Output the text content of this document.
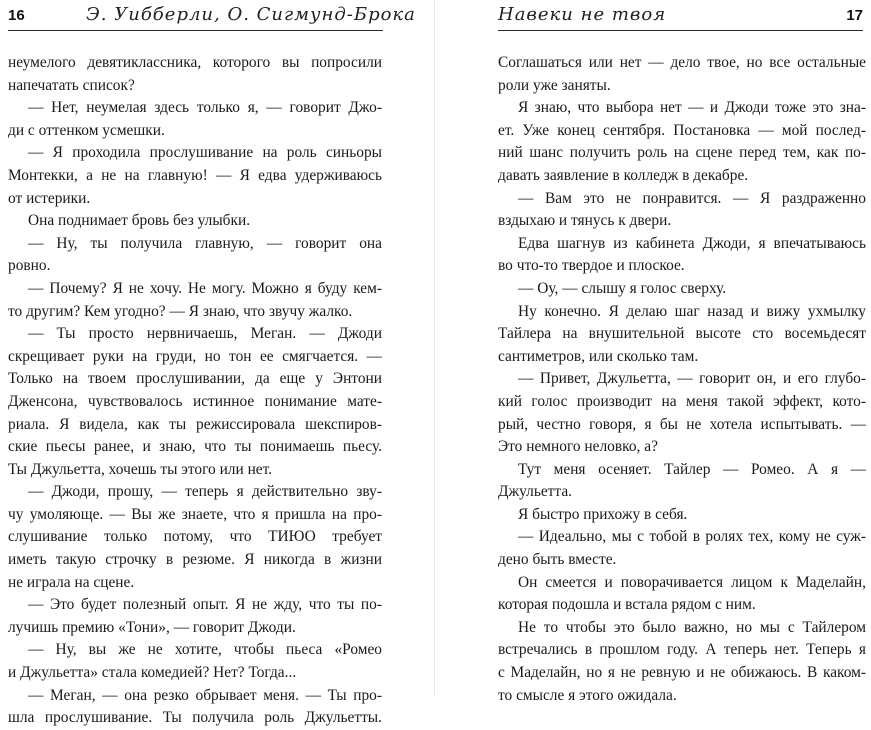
16	Э. Уибберли, О. Сигмунд-Брока
неумелого девятиклассника, которого вы попросили
напечатать список?
— Нет, неумелая здесь только я, — говорит Джо-
ди с оттенком усмешки.
— Я проходила прослушивание на роль синьоры
Монтекки, а не на главную! — Я едва удерживаюсь
от истерики.
Она поднимает бровь без улыбки.
— Ну, ты получила главную, — говорит она
ровно.
— Почему? Я не хочу. Не могу. Можно я буду кем-
то другим? Кем угодно? — Я знаю, что звучу жалко.
— Ты просто нервничаешь, Меган. — Джоди
скрещивает руки на груди, но тон ее смягчается. —
Только на твоем прослушивании, да еще у Энтони
Дженсона, чувствовалось истинное понимание мате-
риала. Я видела, как ты режиссировала шекспиров-
ские пьесы ранее, и знаю, что ты понимаешь пьесу.
Ты Джульетта, хочешь ты этого или нет.
— Джоди, прошу, — теперь я действительно зву-
чу умоляюще. — Вы же знаете, что я пришла на про-
слушивание только потому, что ТИЮО требует
иметь такую строчку в резюме. Я никогда в жизни
не играла на сцене.
— Это будет полезный опыт. Я не жду, что ты по-
лучишь премию «Тони», — говорит Джоди.
— Ну, вы же не хотите, чтобы пьеса «Ромео
и Джульетта» стала комедией? Нет? Тогда...
— Меган, — она резко обрывает меня. — Ты про-
шла прослушивание. Ты получила роль Джульетты.
Навеки не твоя	17
Соглашаться или нет — дело твое, но все остальные
роли уже заняты.
Я знаю, что выбора нет — и Джоди тоже это зна-
ет. Уже конец сентября. Постановка — мой послед-
ний шанс получить роль на сцене перед тем, как по-
давать заявление в колледж в декабре.
— Вам это не понравится. — Я раздраженно
вздыхаю и тянусь к двери.
Едва шагнув из кабинета Джоди, я впечатываюсь
во что-то твердое и плоское.
— Оу, — слышу я голос сверху.
Ну конечно. Я делаю шаг назад и вижу ухмылку
Тайлера на внушительной высоте сто восемьдесят
сантиметров, или сколько там.
— Привет, Джульетта, — говорит он, и его глубо-
кий голос производит на меня такой эффект, кото-
рый, честно говоря, я бы не хотела испытывать. —
Это немного неловко, а?
Тут меня осеняет. Тайлер — Ромео. А я —
Джульетта.
Я быстро прихожу в себя.
— Идеально, мы с тобой в ролях тех, кому не суж-
дено быть вместе.
Он смеется и поворачивается лицом к Маделайн,
которая подошла и встала рядом с ним.
Не то чтобы это было важно, но мы с Тайлером
встречались в прошлом году. А теперь нет. Теперь я
с Маделайн, но я не ревную и не обижаюсь. В каком-
то смысле я этого ожидала.
